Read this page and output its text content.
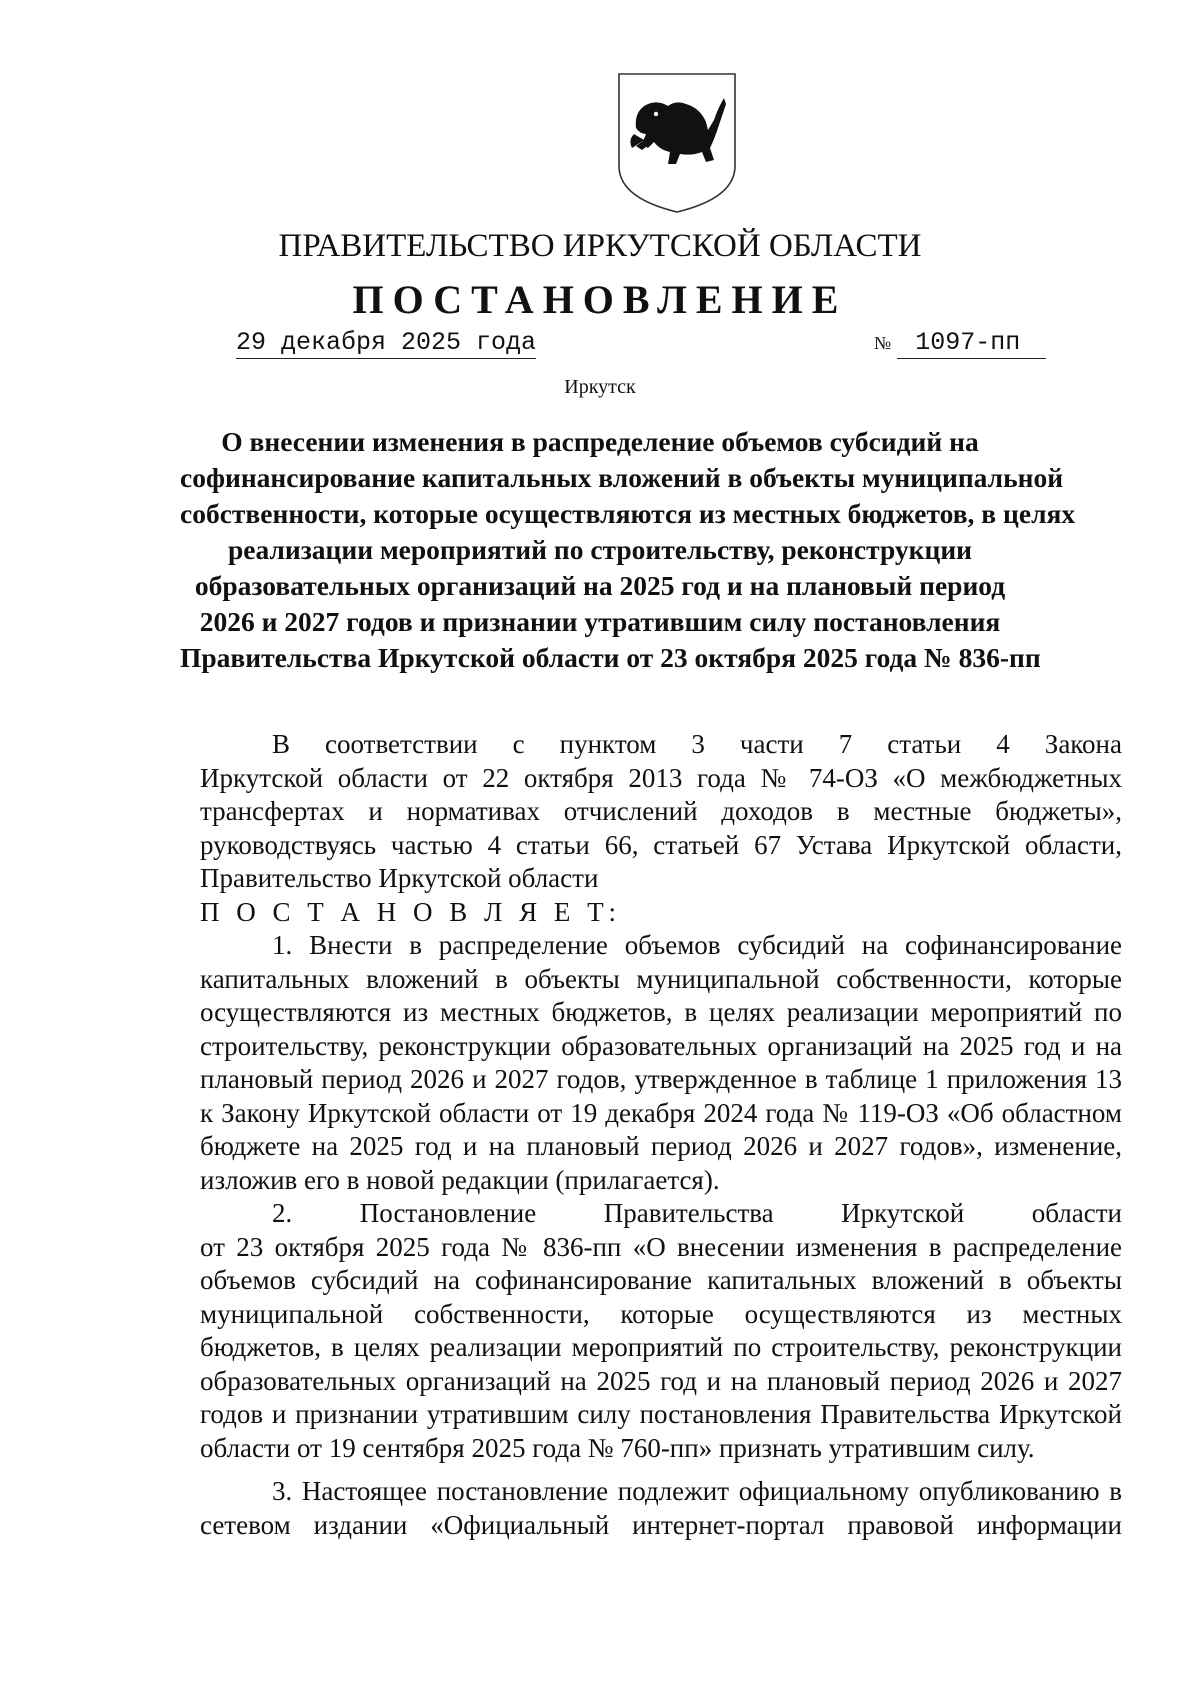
ПРАВИТЕЛЬСТВО ИРКУТСКОЙ ОБЛАСТИ
ПОСТАНОВЛЕНИЕ
29 декабря 2025 года	№ 1097-пп
Иркутск
О внесении изменения в распределение объемов субсидий на
софинансирование капитальных вложений в объекты муниципальной
собственности, которые осуществляются из местных бюджетов, в целях
реализации мероприятий по строительству, реконструкции
образовательных организаций на 2025 год и на плановый период
2026 и 2027 годов и признании утратившим силу постановления
Правительства Иркутской области от 23 октября 2025 года № 836-пп
В соответствии с пунктом 3 части 7 статьи 4 Закона
Иркутской области от 22 октября 2013 года № 74-ОЗ «О межбюджетных
трансфертах и нормативах отчислений доходов в местные бюджеты»,
руководствуясь частью 4 статьи 66, статьей 67 Устава Иркутской области,
Правительство Иркутской области
П О С Т А Н О В Л Я Е Т:
1. Внести в распределение объемов субсидий на софинансирование
капитальных вложений в объекты муниципальной собственности, которые
осуществляются из местных бюджетов, в целях реализации мероприятий по
строительству, реконструкции образовательных организаций на 2025 год и на
плановый период 2026 и 2027 годов, утвержденное в таблице 1 приложения 13
к Закону Иркутской области от 19 декабря 2024 года № 119-ОЗ «Об областном
бюджете на 2025 год и на плановый период 2026 и 2027 годов», изменение,
изложив его в новой редакции (прилагается).
2. Постановление Правительства Иркутской области
от 23 октября 2025 года № 836-пп «О внесении изменения в распределение
объемов субсидий на софинансирование капитальных вложений в объекты
муниципальной собственности, которые осуществляются из местных
бюджетов, в целях реализации мероприятий по строительству, реконструкции
образовательных организаций на 2025 год и на плановый период 2026 и 2027
годов и признании утратившим силу постановления Правительства Иркутской
области от 19 сентября 2025 года № 760-пп» признать утратившим силу.
3. Настоящее постановление подлежит официальному опубликованию в
сетевом издании «Официальный интернет-портал правовой информации
